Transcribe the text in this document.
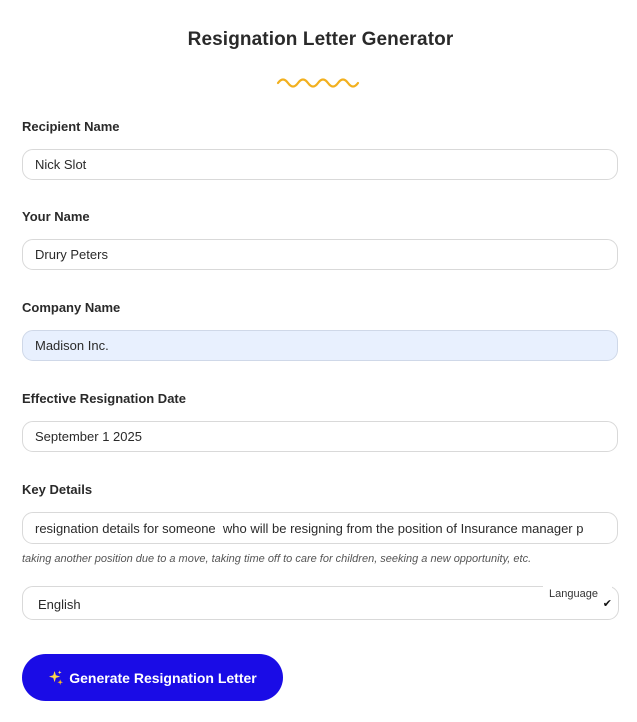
Resignation Letter Generator
Recipient Name
Nick Slot
Your Name
Drury Peters
Company Name
Madison Inc.
Effective Resignation Date
September 1 2025
Key Details
resignation details for someone who will be resigning from the position of Insurance manager p
taking another position due to a move, taking time off to care for children, seeking a new opportunity, etc.
English
Language
✔
Generate Resignation Letter
